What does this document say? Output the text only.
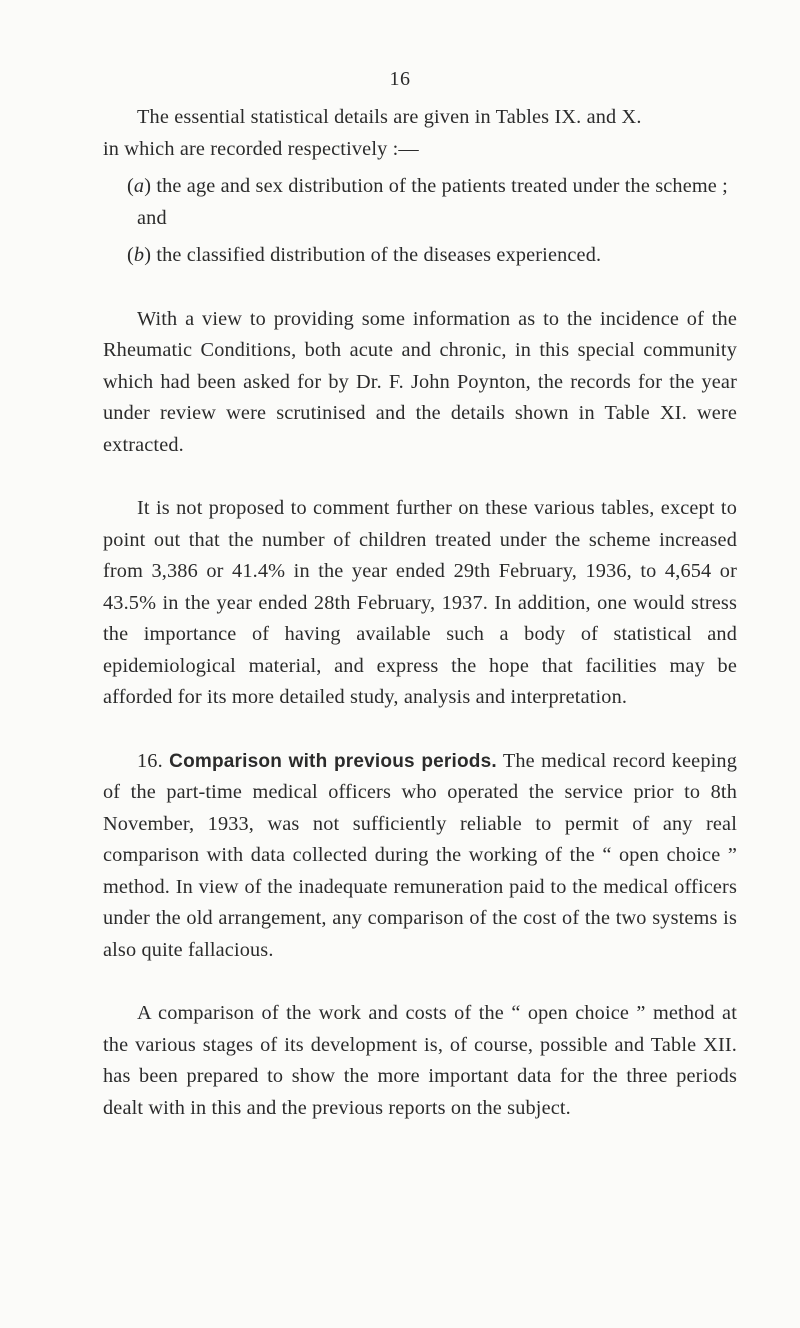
16

The essential statistical details are given in Tables IX. and X.

in which are recorded respectively :—

(a) the age and sex distribution of the patients treated under the scheme ; and

(b) the classified distribution of the diseases experienced.

With a view to providing some information as to the incidence of the Rheumatic Conditions, both acute and chronic, in this special community which had been asked for by Dr. F. John Poynton, the records for the year under review were scrutinised and the details shown in Table XI. were extracted.

It is not proposed to comment further on these various tables, except to point out that the number of children treated under the scheme increased from 3,386 or 41.4% in the year ended 29th February, 1936, to 4,654 or 43.5% in the year ended 28th February, 1937. In addition, one would stress the importance of having available such a body of statistical and epidemiological material, and express the hope that facilities may be afforded for its more detailed study, analysis and interpretation.

16. Comparison with previous periods. The medical record keeping of the part-time medical officers who operated the service prior to 8th November, 1933, was not sufficiently reliable to permit of any real comparison with data collected during the working of the “ open choice ” method. In view of the inadequate remuneration paid to the medical officers under the old arrangement, any comparison of the cost of the two systems is also quite fallacious.

A comparison of the work and costs of the “ open choice ” method at the various stages of its development is, of course, possible and Table XII. has been prepared to show the more important data for the three periods dealt with in this and the previous reports on the subject.
